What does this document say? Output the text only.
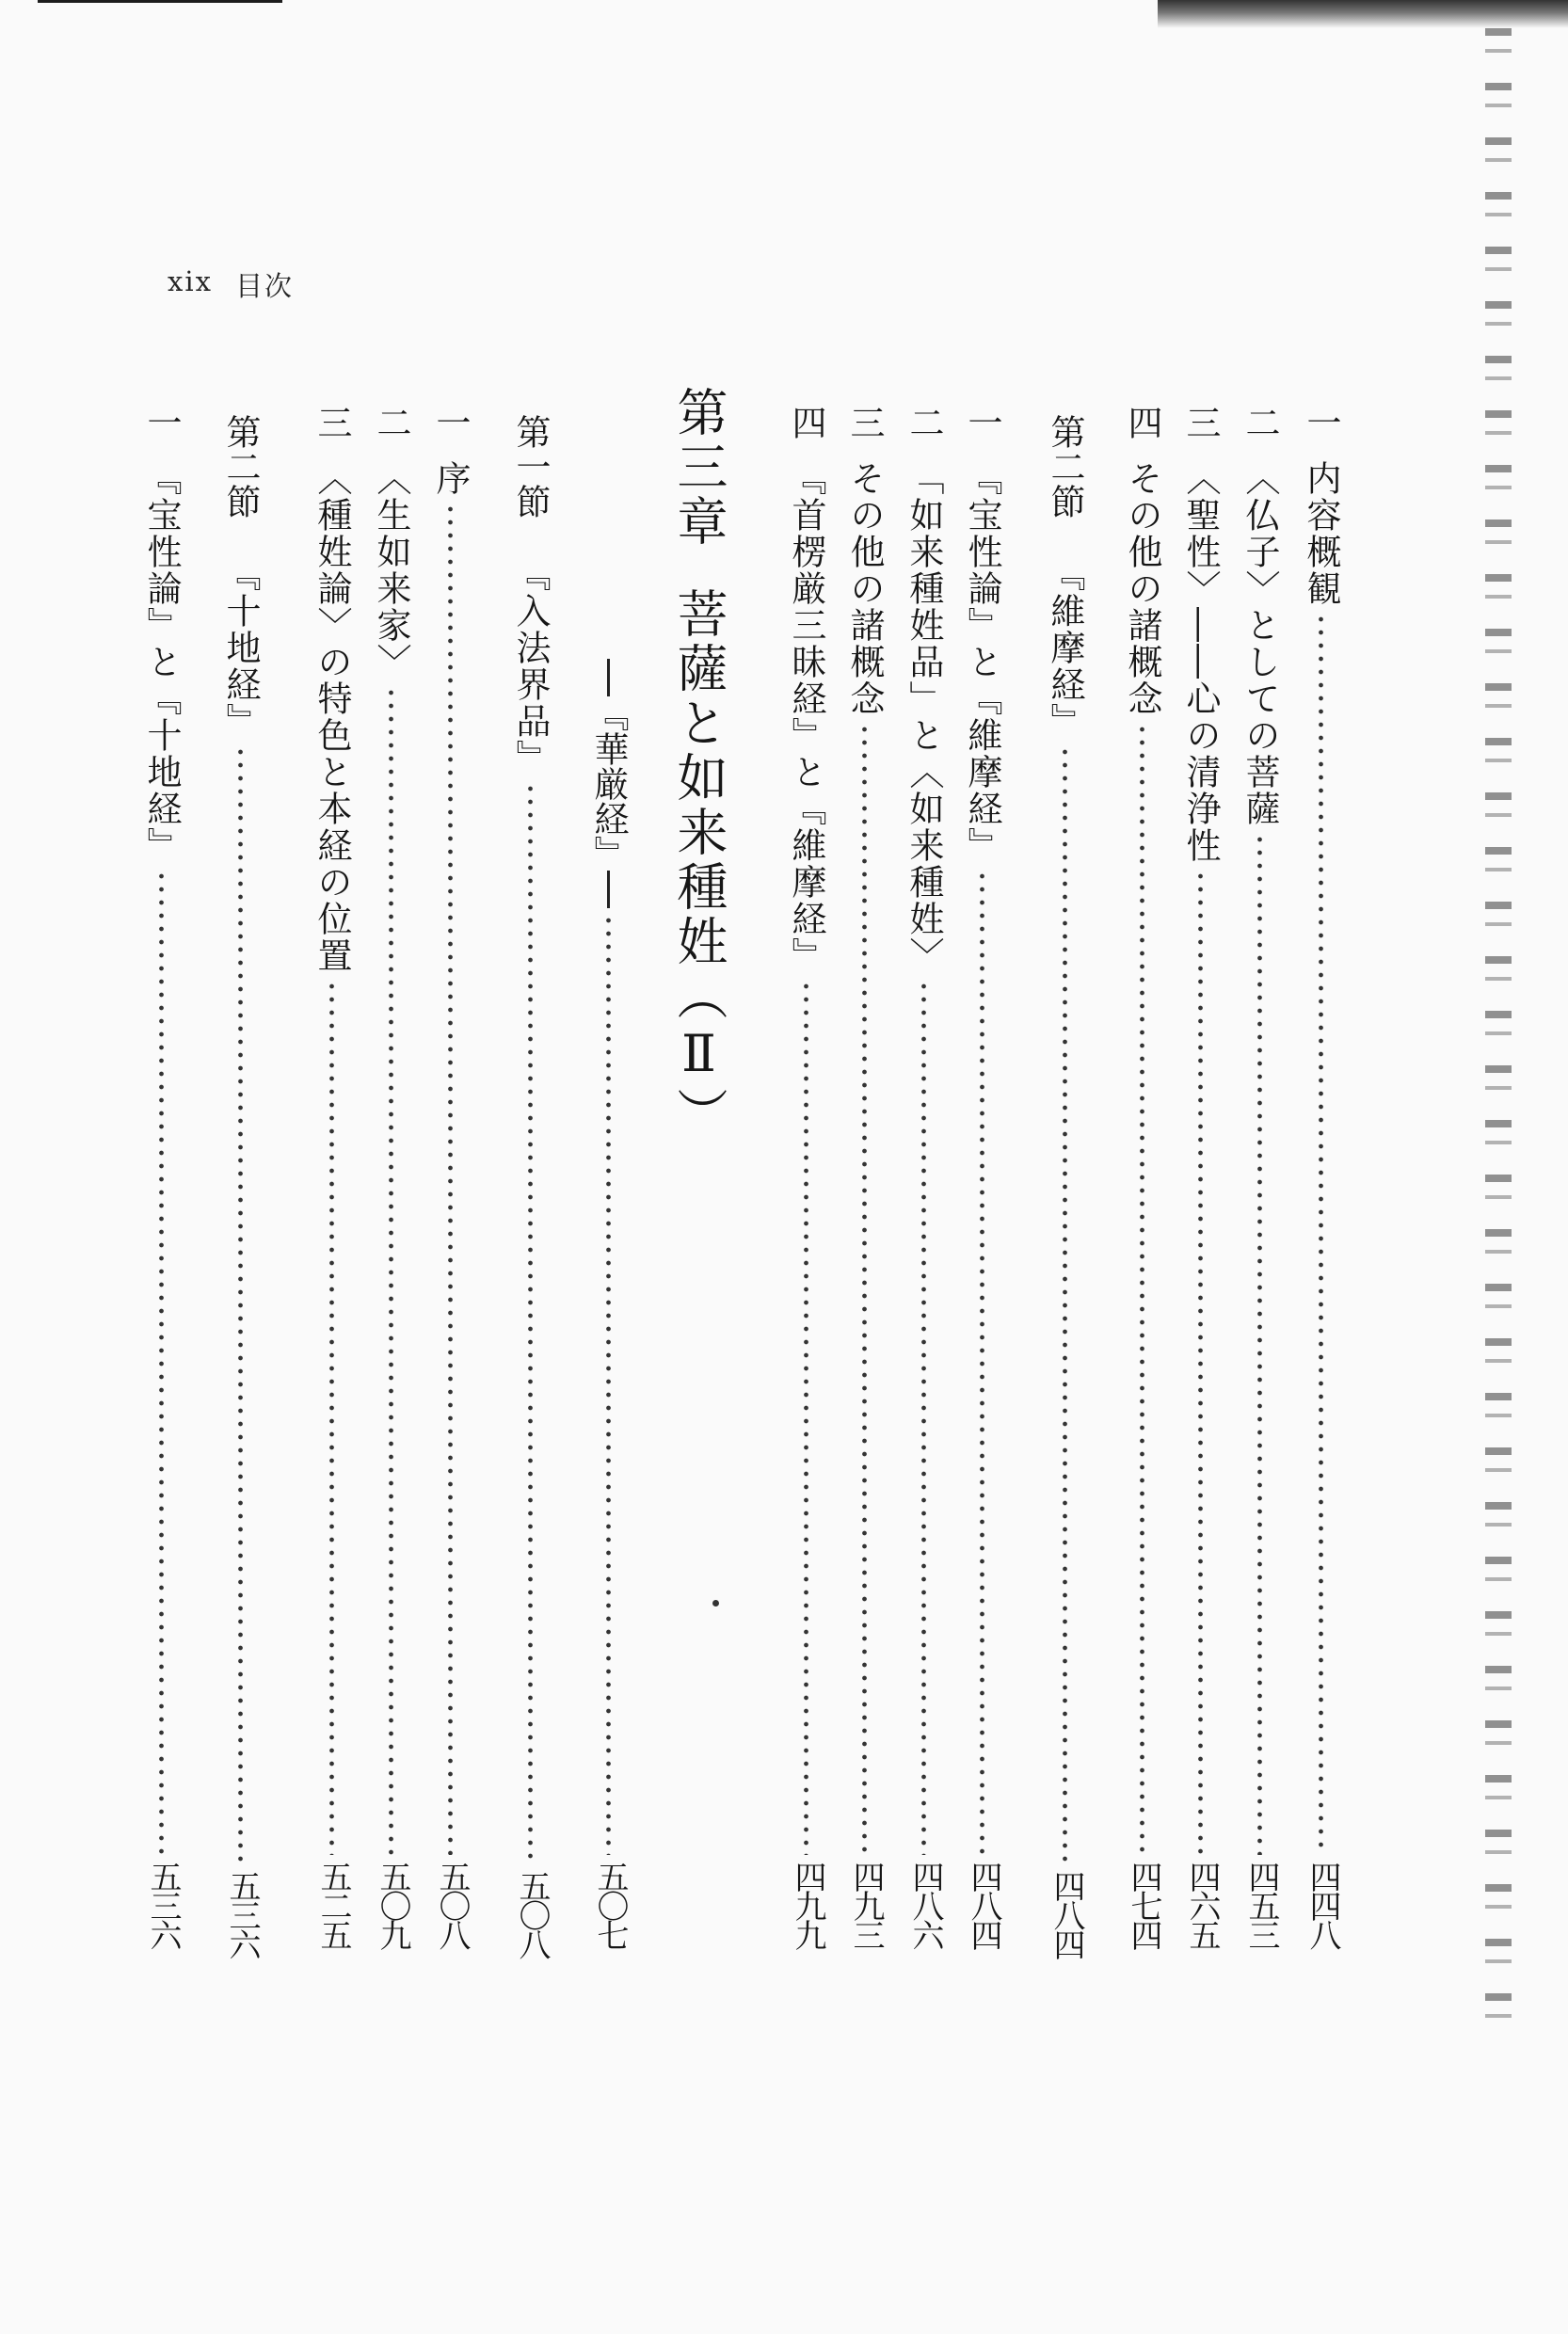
xix 目次
一
内容概観
四四八
二
〈仏子〉としての菩薩
四五三
三
〈聖性〉――心の清浄性
四六五
四
その他の諸概念
四七四
第二節
『維摩経』
四八四
一
『宝性論』と『維摩経』
四八四
二
「如来種姓品」と〈如来種姓〉
四八六
三
その他の諸概念
四九三
四
『首楞厳三昧経』と『維摩経』
四九九
第三章菩薩と如来種姓（Ⅱ）
『華厳経』
五〇七
第一節
『入法界品』
五〇八
一
序
五〇八
二
〈生如来家〉
五〇九
三
〈種姓論〉の特色と本経の位置
五二五
第二節
『十地経』
五三六
一
『宝性論』と『十地経』
五三六
